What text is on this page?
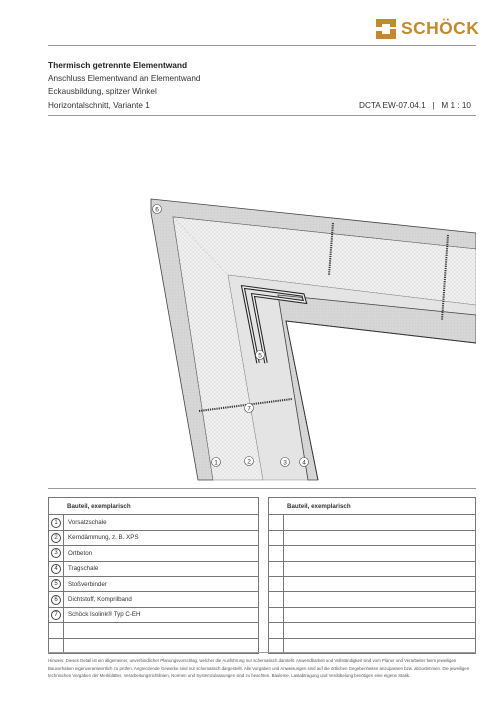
SCHÖCK
Thermisch getrennte Elementwand
Anschluss Elementwand an Elementwand
Eckausbildung, spitzer Winkel
Horizontalschnitt, Variante 1	DCTA EW-07.04.1   |   M 1 : 10
6
5
7
1	2	3 4
Bauteil, exemplarisch	
1	Vorsatzschale
2	Kerndämmung, z. B. XPS
3	Ortbeton
4	Tragschale
5	Stoßverbinder
6	Dichtstoff, Komprilband
7	Schöck Isolink® Typ C-EH

Bauteil, exemplarisch	

Hinweis: Dieses Detail ist ein allgemeiner, unverbindlicher Planungsvorschlag, welcher die Ausführung nur schematisch darstellt. Anwendbarkeit und Vollständigkeit sind vom Planer und Verarbeiter beim jeweiligen Bauvorhaben eigenverantwortlich zu prüfen. Angrenzende Gewerke sind nur schematisch dargestellt. Alle Vorgaben und Anweisungen sind auf die örtlichen Gegebenheiten anzupassen bzw. abzustimmen. Die jeweiligen technischen Vorgaben der Merkblätter, Verarbeitungsrichtlinien, Normen und Systemzulassungen sind zu beachten. Bauleme, Lastabtragung und Verdübelung benötigen eine eigene Statik.
